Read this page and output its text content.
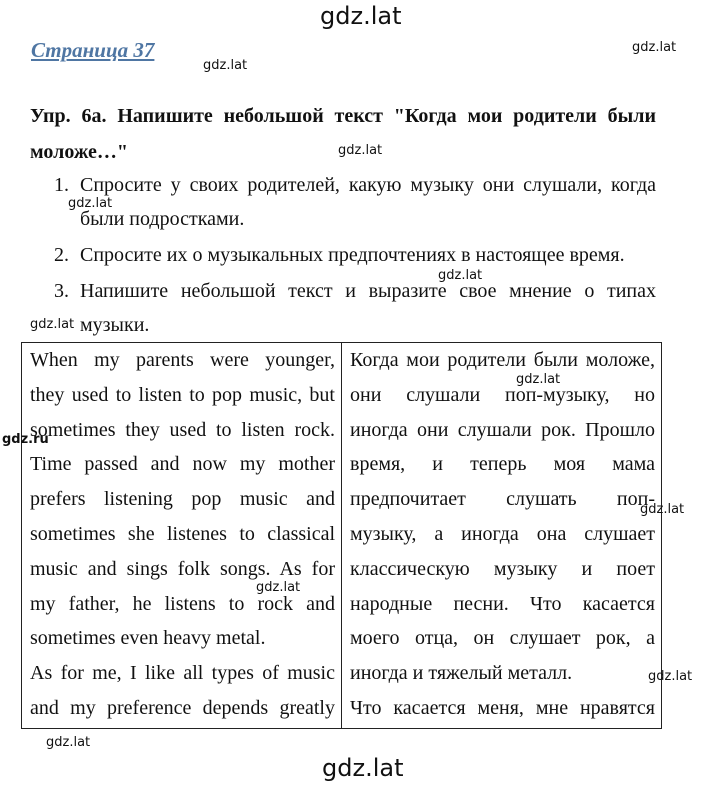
gdz.lat
Страница 37	gdz.lat
gdz.lat
Упр. 6а. Напишите небольшой текст "Когда мои родители были моложе…"	gdz.lat
1. Спросите у своих родителей, какую музыку они слушали, когда были подростками.
2. Спросите их о музыкальных предпочтениях в настоящее время.
3. Напишите небольшой текст и выразите свое мнение о типах музыки.
gdz.lat
gdz.lat
gdz.lat
When my parents were younger,
they used to listen to pop music, but
sometimes they used to listen rock.
Time passed and now my mother
prefers listening pop music and
sometimes she listenes to classical
music and sings folk songs. As for
my father, he listens to rock and
sometimes even heavy metal.
As for me, I like all types of music
and my preference depends greatly
Когда мои родители были моложе,
они слушали поп-музыку, но
иногда они слушали рок. Прошло
время, и теперь моя мама
предпочитает слушать поп-
музыку, а иногда она слушает
классическую музыку и поет
народные песни. Что касается
моего отца, он слушает рок, а
иногда и тяжелый металл.
Что касается меня, мне нравятся
gdz.ru
gdz.lat
gdz.lat
gdz.lat
gdz.lat
gdz.lat
gdz.lat
